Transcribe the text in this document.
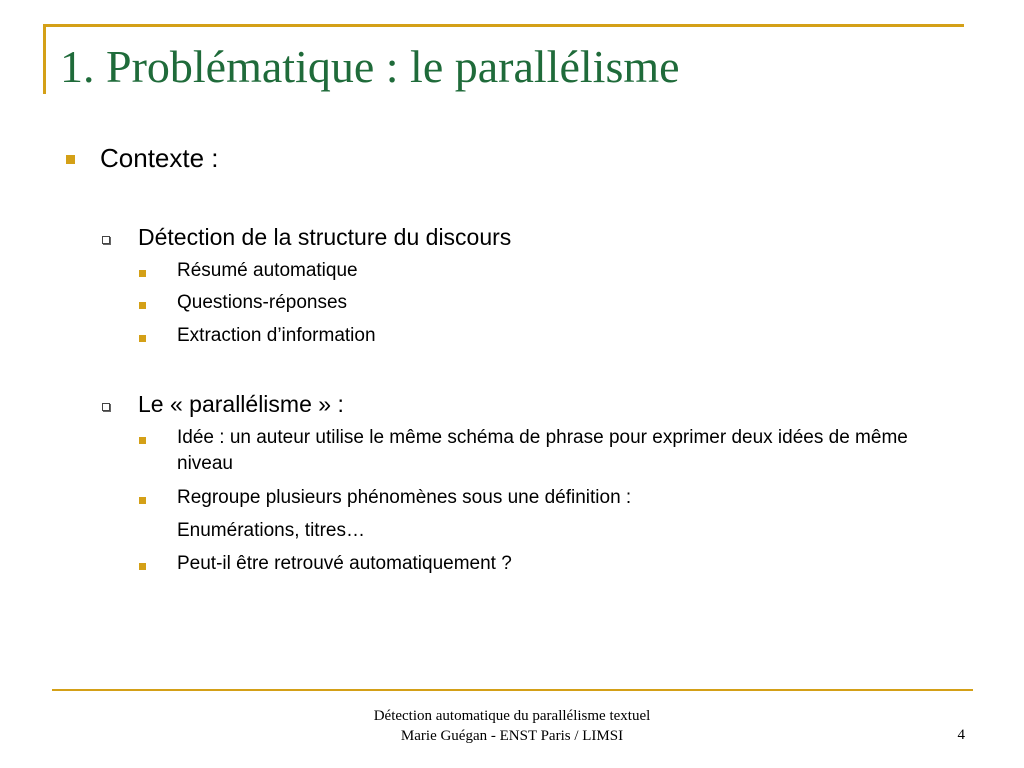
1. Problématique : le parallélisme
Contexte :
Détection de la structure du discours
Résumé automatique
Questions-réponses
Extraction d’information
Le « parallélisme » :
Idée : un auteur utilise le même schéma de phrase pour exprimer deux idées de même niveau
Regroupe plusieurs phénomènes sous une définition :
Enumérations, titres…
Peut-il être retrouvé automatiquement ?
Détection automatique du parallélisme textuel
Marie Guégan - ENST Paris / LIMSI	4
